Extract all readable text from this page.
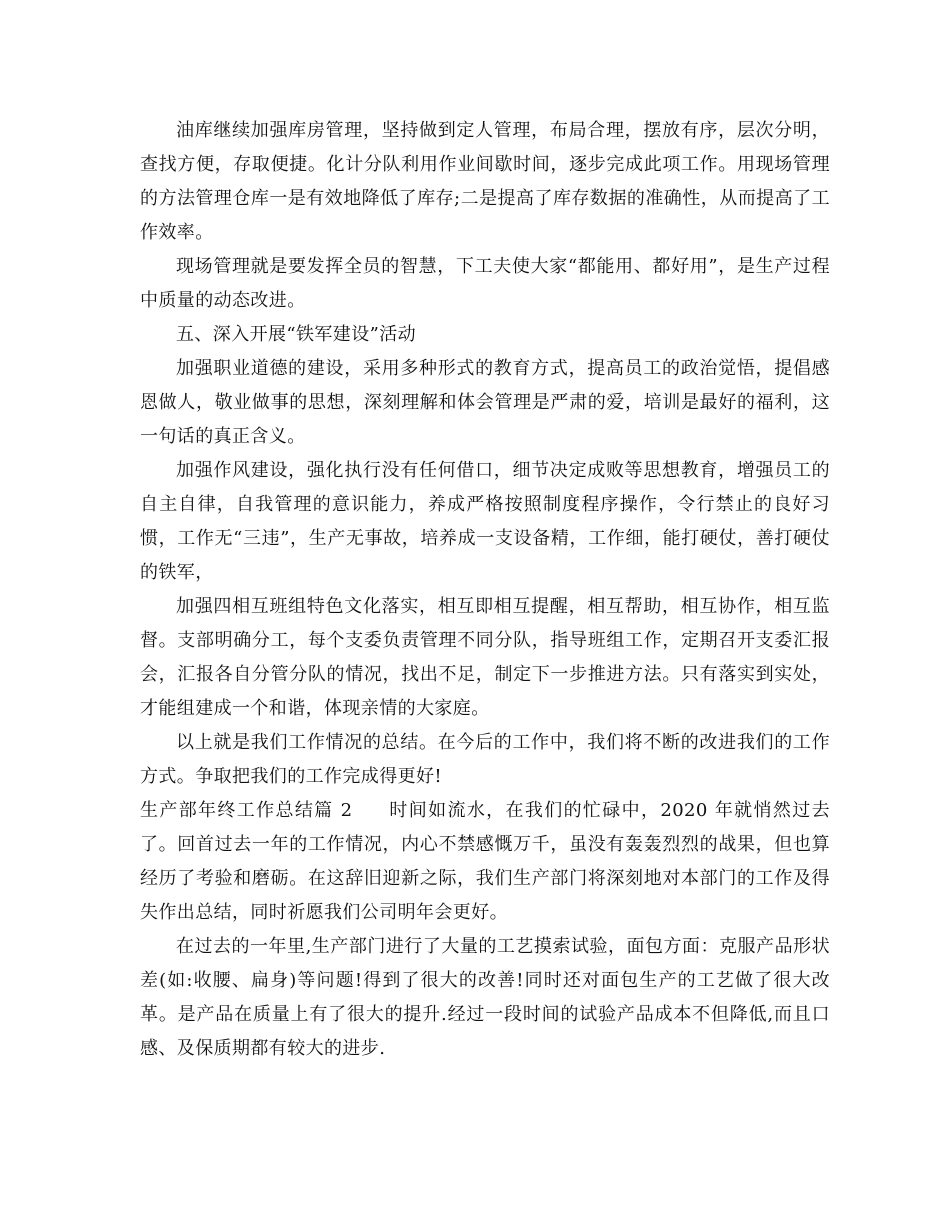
油库继续加强库房管理，坚持做到定人管理，布局合理，摆放有序，层次分明，查找方便，存取便捷。化计分队利用作业间歇时间，逐步完成此项工作。用现场管理的方法管理仓库一是有效地降低了库存;二是提高了库存数据的准确性，从而提高了工作效率。

现场管理就是要发挥全员的智慧，下工夫使大家“都能用、都好用”，是生产过程中质量的动态改进。

五、深入开展“铁军建设”活动

加强职业道德的建设，采用多种形式的教育方式，提高员工的政治觉悟，提倡感恩做人，敬业做事的思想，深刻理解和体会管理是严肃的爱，培训是最好的福利，这一句话的真正含义。

加强作风建设，强化执行没有任何借口，细节决定成败等思想教育，增强员工的自主自律，自我管理的意识能力，养成严格按照制度程序操作，令行禁止的良好习惯，工作无“三违”，生产无事故，培养成一支设备精，工作细，能打硬仗，善打硬仗的铁军，

加强四相互班组特色文化落实，相互即相互提醒，相互帮助，相互协作，相互监督。支部明确分工，每个支委负责管理不同分队，指导班组工作，定期召开支委汇报会，汇报各自分管分队的情况，找出不足，制定下一步推进方法。只有落实到实处，才能组建成一个和谐，体现亲情的大家庭。

以上就是我们工作情况的总结。在今后的工作中，我们将不断的改进我们的工作方式。争取把我们的工作完成得更好!

生产部年终工作总结篇 2 时间如流水，在我们的忙碌中，2020 年就悄然过去了。回首过去一年的工作情况，内心不禁感慨万千，虽没有轰轰烈烈的战果，但也算经历了考验和磨砺。在这辞旧迎新之际，我们生产部门将深刻地对本部门的工作及得失作出总结，同时祈愿我们公司明年会更好。

在过去的一年里,生产部门进行了大量的工艺摸索试验，面包方面：克服产品形状差(如:收腰、扁身)等问题!得到了很大的改善!同时还对面包生产的工艺做了很大改革。是产品在质量上有了很大的提升.经过一段时间的试验产品成本不但降低,而且口感、及保质期都有较大的进步.
